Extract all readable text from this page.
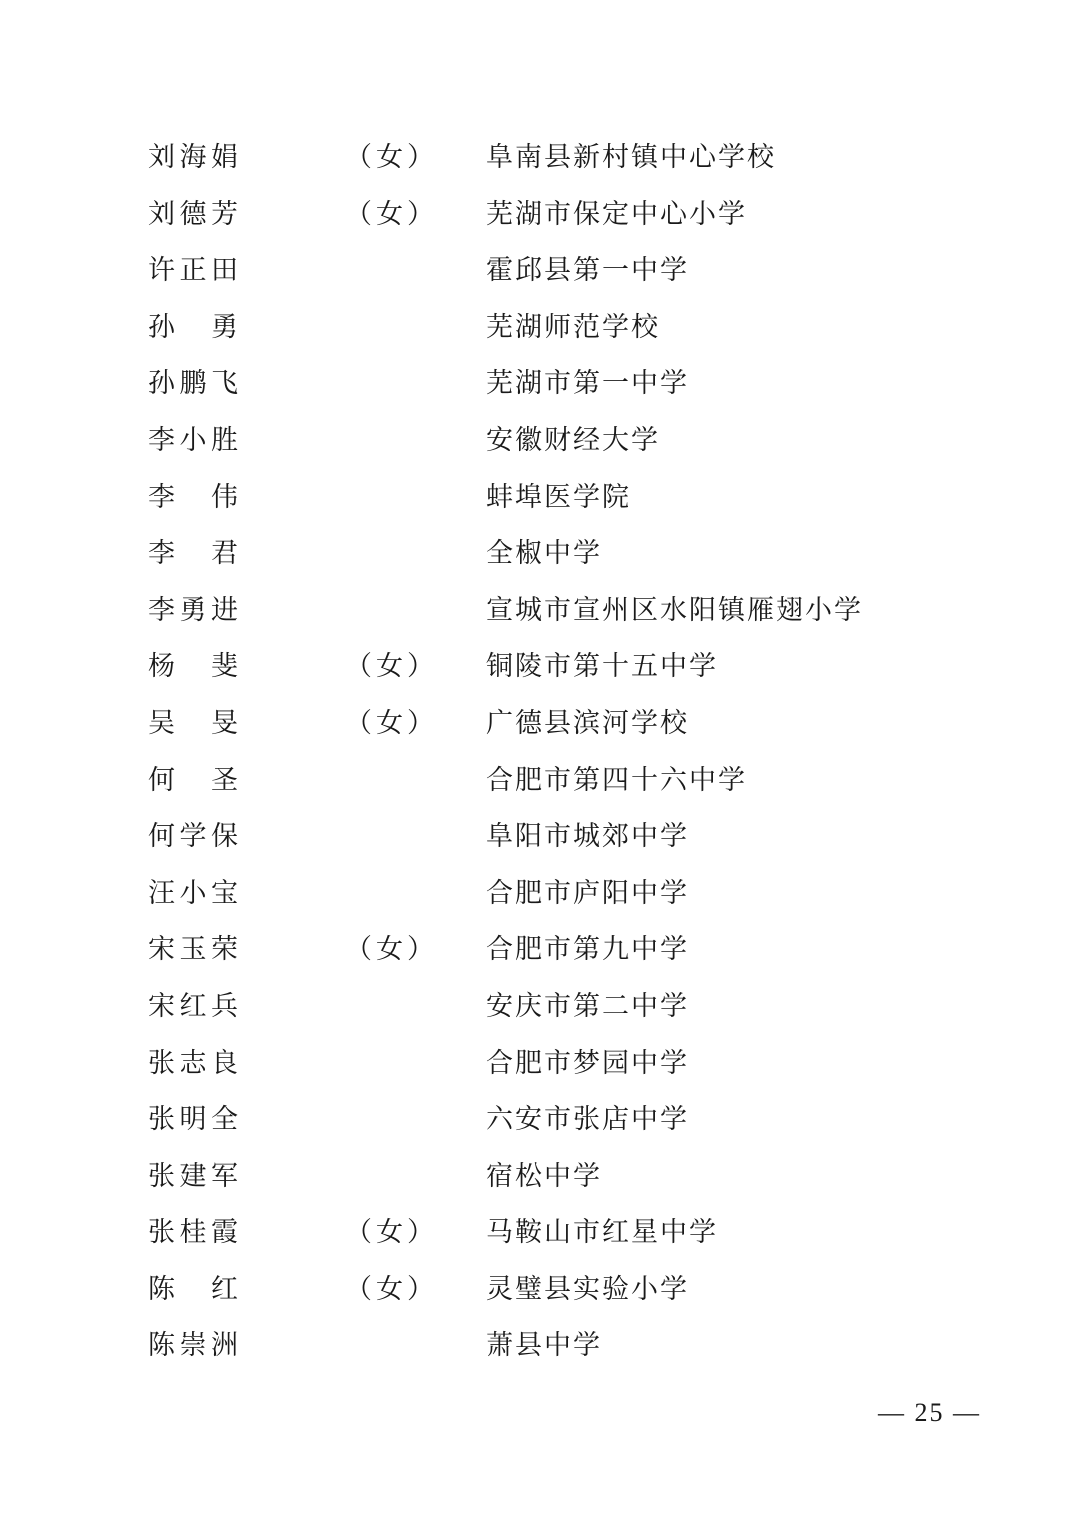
刘 海 娟	（女） 阜南县新村镇中心学校
刘 德 芳	（女） 芜湖市保定中心小学
许 正 田	霍邱县第一中学
孙 勇	芜湖师范学校
孙 鹏 飞	芜湖市第一中学
李 小 胜	安徽财经大学
李 伟	蚌埠医学院
李 君	全椒中学
李 勇 进	宣城市宣州区水阳镇雁翅小学
杨 斐	（女） 铜陵市第十五中学
吴 旻	（女） 广德县滨河学校
何 圣	合肥市第四十六中学
何 学 保	阜阳市城郊中学
汪 小 宝	合肥市庐阳中学
宋 玉 荣	（女） 合肥市第九中学
宋 红 兵	安庆市第二中学
张 志 良	合肥市梦园中学
张 明 全	六安市张店中学
张 建 军	宿松中学
张 桂 霞	（女） 马鞍山市红星中学
陈 红	（女） 灵璧县实验小学
陈 崇 洲	萧县中学
— 25 —
